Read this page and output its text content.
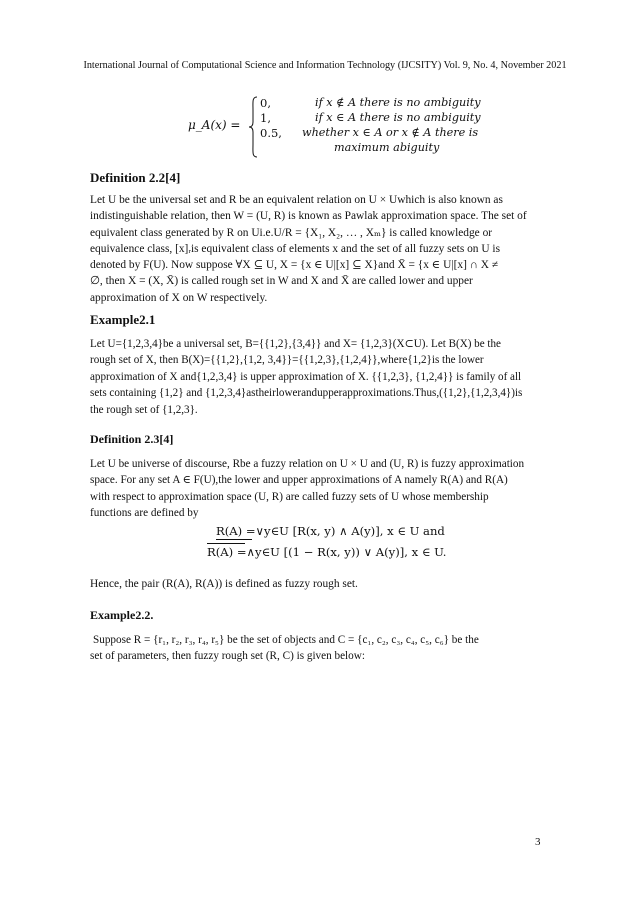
International Journal of Computational Science and Information Technology (IJCSITY) Vol. 9, No. 4, November 2021
μ_A(x) =
0,	if x ∉ A there is no ambiguity
1,	if x ∈ A there is no ambiguity
0.5, whether x ∈ A or x ∉ A there is
maximum abiguity
Definition 2.2[4]
Let U be the universal set and R be an equivalent relation on U × Uwhich is also known as
indistinguishable relation, then W = (U, R) is known as Pawlak approximation space. The set of
equivalent class generated by R on Ui.e.U/R = {X₁, X₂, … , Xₘ} is called knowledge or
equivalence class, [x]ᵣis equivalent class of elements x and the set of all fuzzy sets on U is
denoted by F(U). Now suppose ∀X ⊆ U, X = {x ∈ U|[x] ⊆ X}and X̄ = {x ∈ U|[x] ∩ X ≠
∅, then X = (X, X̄) is called rough set in W and X and X̄ are called lower and upper
approximation of X on W respectively.
Example2.1
Let U={1,2,3,4}be a universal set, B={{1,2},{3,4}} and X= {1,2,3}(X⊂U). Let B(X) be the
rough set of X, then B(X)={{1,2},{1,2, 3,4}}={{1,2,3},{1,2,4}},where{1,2}is the lower
approximation of X and{1,2,3,4} is upper approximation of X. {{1,2,3}, {1,2,4}} is family of all
sets containing {1,2} and {1,2,3,4}astheirlowerandupperapproximations.Thus,({1,2},{1,2,3,4})is
the rough set of {1,2,3}.
Definition 2.3[4]
Let U be universe of discourse, Rbe a fuzzy relation on U × U and (U, R) is fuzzy approximation
space. For any set A ∈ F(U),the lower and upper approximations of A namely R(A) and R(A)
with respect to approximation space (U, R) are called fuzzy sets of U whose membership
functions are defined by
R(A) =∨y∈U [R(x, y) ∧ A(y)], x ∈ U and
R(A) =∧y∈U [(1 − R(x, y)) ∨ A(y)], x ∈ U.
Hence, the pair (R(A), R(A)) is defined as fuzzy rough set.
Example2.2.
Suppose R = {r₁, r₂, r₃, r₄, r₅} be the set of objects and C = {c₁, c₂, c₃, c₄, c₅, c₆} be the
set of parameters, then fuzzy rough set (R, C) is given below:
3
